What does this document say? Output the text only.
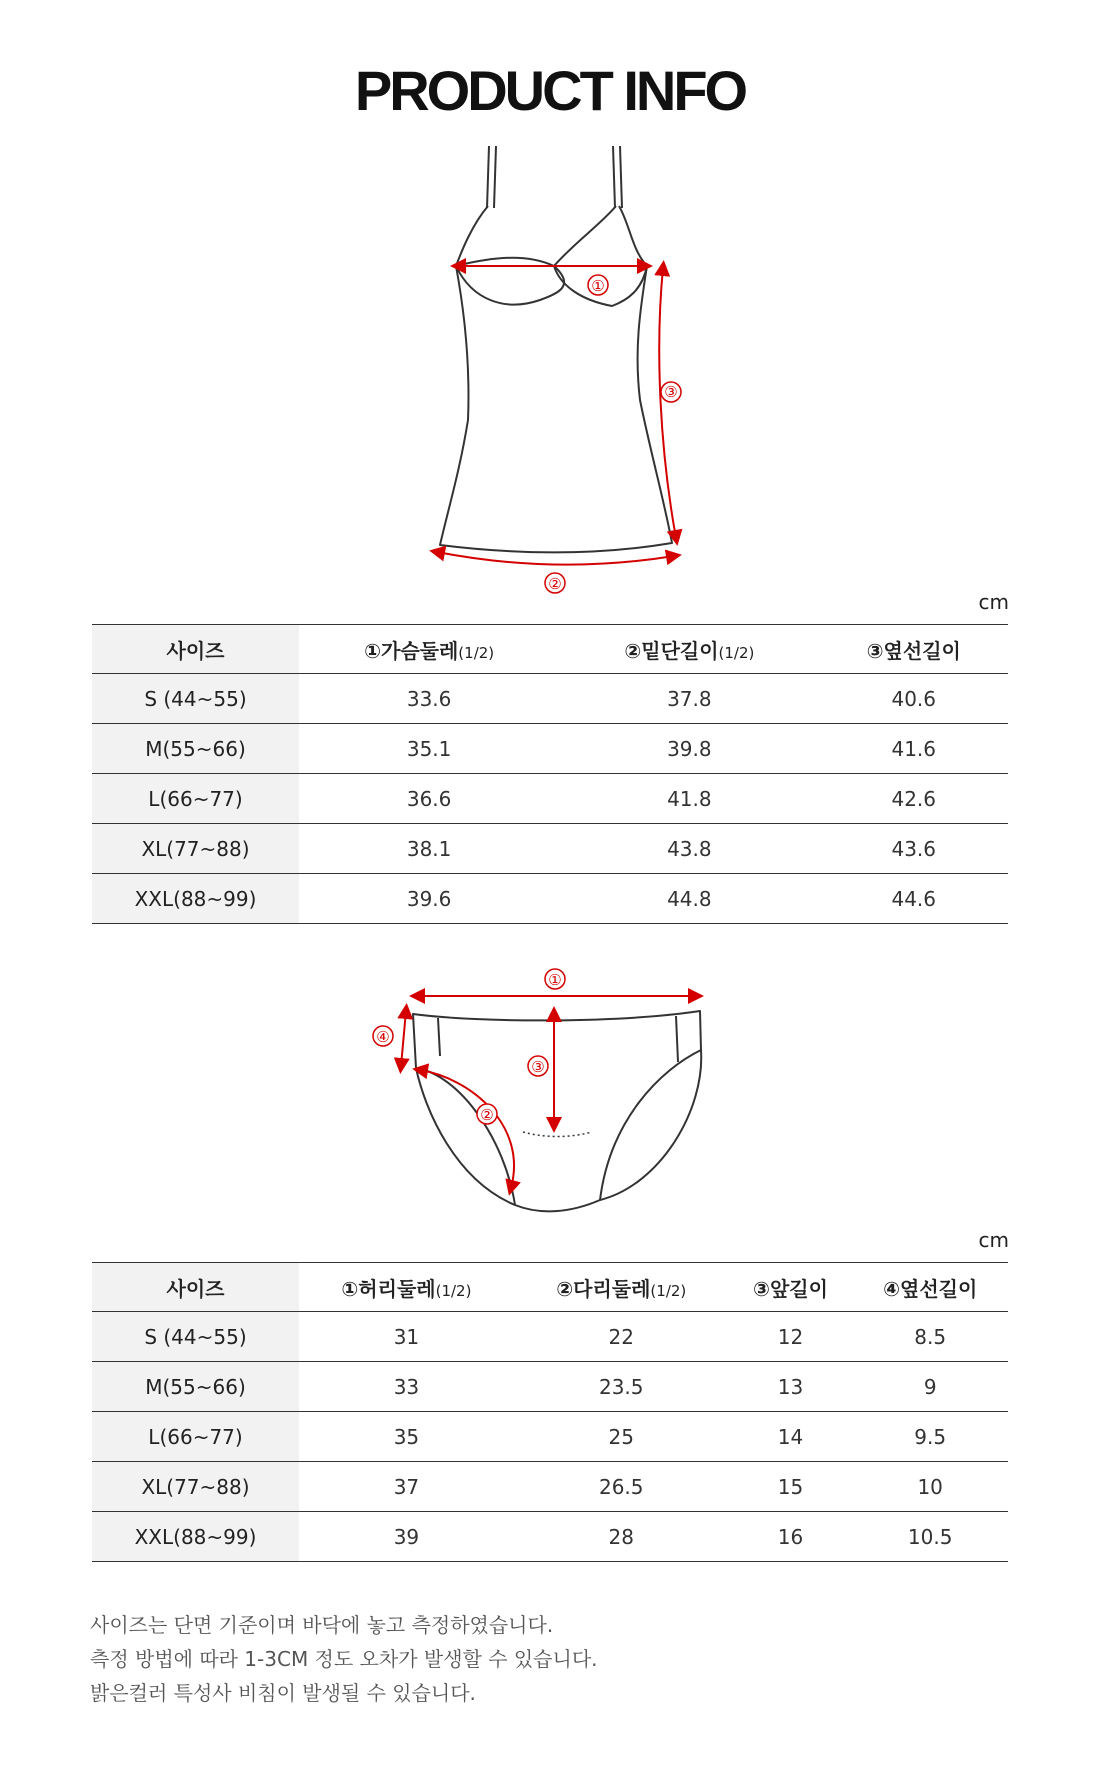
PRODUCT INFO
①
③
②
cm
사이즈	①가슴둘레(1/2)	②밑단길이(1/2)	③옆선길이
S (44~55)	33.6	37.8	40.6
M(55~66)	35.1	39.8	41.6
L(66~77)	36.6	41.8	42.6
XL(77~88)	38.1	43.8	43.6
XXL(88~99)	39.6	44.8	44.6
①
④
③
②
cm
사이즈	①허리둘레(1/2)	②다리둘레(1/2)	③앞길이	④옆선길이
S (44~55)	31	22	12	8.5
M(55~66)	33	23.5	13	9
L(66~77)	35	25	14	9.5
XL(77~88)	37	26.5	15	10
XXL(88~99)	39	28	16	10.5
사이즈는 단면 기준이며 바닥에 놓고 측정하였습니다.
측정 방법에 따라 1-3CM 정도 오차가 발생할 수 있습니다.
밝은컬러 특성사 비침이 발생될 수 있습니다.
